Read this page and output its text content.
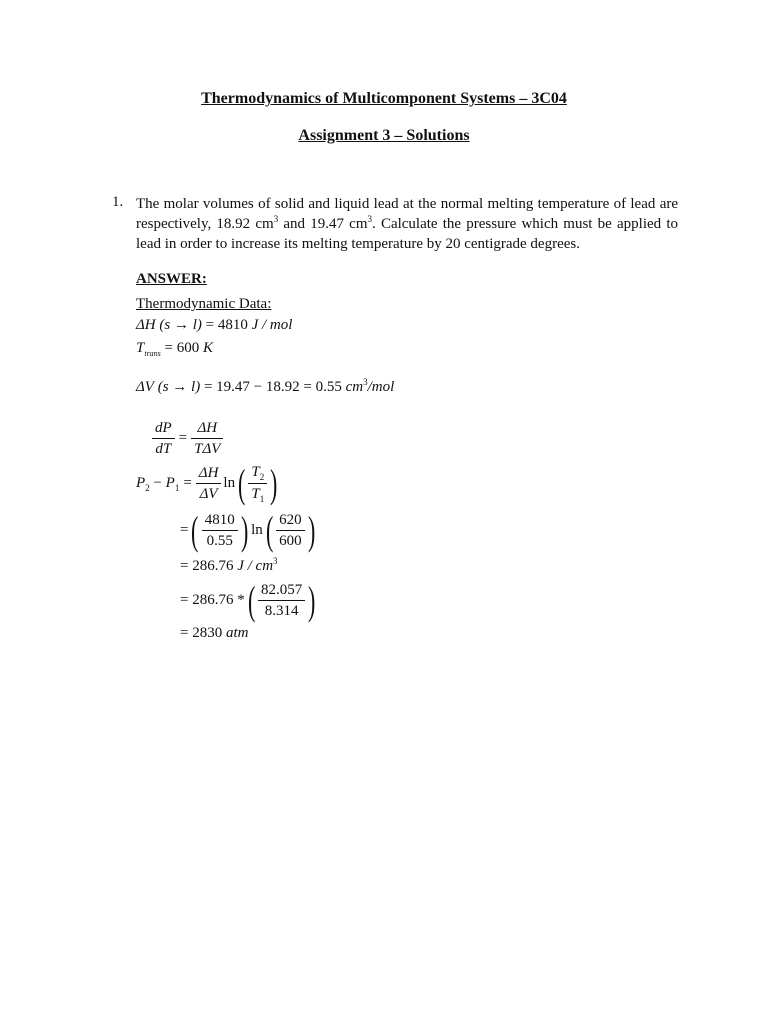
Thermodynamics of Multicomponent Systems – 3C04
Assignment 3 – Solutions
1. The molar volumes of solid and liquid lead at the normal melting temperature of lead are respectively, 18.92 $cm^3$ and 19.47 $cm^3$. Calculate the pressure which must be applied to lead in order to increase its melting temperature by 20 centigrade degrees.
ANSWER:
Thermodynamic Data:
ΔH (s → l) = 4810 J / mol
$T_{trans} = 600$ K
ΔV (s → l) = 19.47 − 18.92 = 0.55 $cm^3$/mol
$\frac{dP}{dT} = \frac{\Delta H}{\text{TΔV}}$
P 2 − P $1 = \frac{\Delta H}{\Delta V}$ ln ( $\frac{T_2}{T_1}$ )
= ( $\frac{4810}{0.55}$ ) ln ( $\frac{620}{600}$ )
= 286.76 J / $cm^3$
= 286.76 * ( $\frac{82.057}{8.314}$ )
= 2830 atm
